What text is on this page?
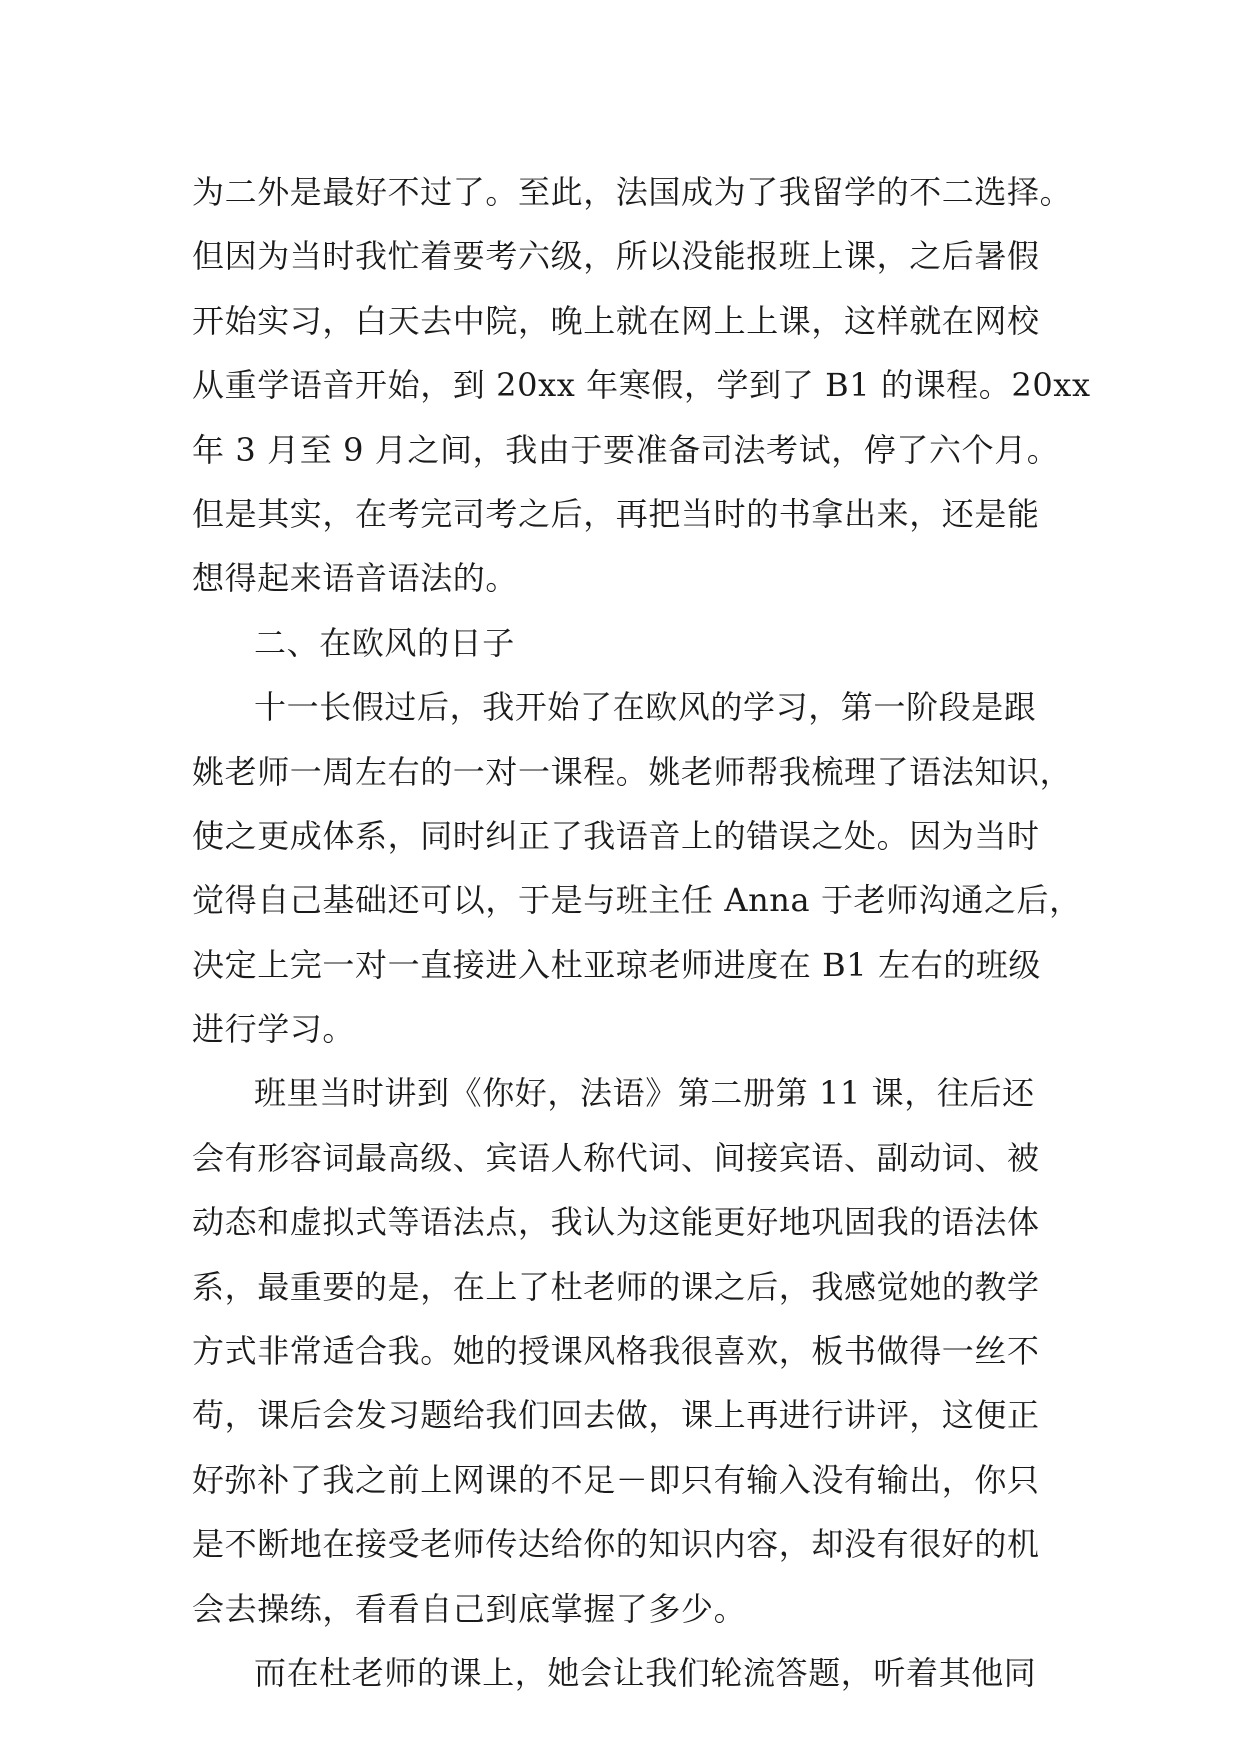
为二外是最好不过了。至此，法国成为了我留学的不二选择。
但因为当时我忙着要考六级，所以没能报班上课，之后暑假
开始实习，白天去中院，晚上就在网上上课，这样就在网校
从重学语音开始，到 20xx 年寒假，学到了 B1 的课程。20xx
年 3 月至 9 月之间，我由于要准备司法考试，停了六个月。
但是其实，在考完司考之后，再把当时的书拿出来，还是能
想得起来语音语法的。
二、在欧风的日子
十一长假过后，我开始了在欧风的学习，第一阶段是跟
姚老师一周左右的一对一课程。姚老师帮我梳理了语法知识，
使之更成体系，同时纠正了我语音上的错误之处。因为当时
觉得自己基础还可以，于是与班主任 Anna 于老师沟通之后，
决定上完一对一直接进入杜亚琼老师进度在 B1 左右的班级
进行学习。
班里当时讲到《你好，法语》第二册第 11 课，往后还
会有形容词最高级、宾语人称代词、间接宾语、副动词、被
动态和虚拟式等语法点，我认为这能更好地巩固我的语法体
系，最重要的是，在上了杜老师的课之后，我感觉她的教学
方式非常适合我。她的授课风格我很喜欢，板书做得一丝不
苟，课后会发习题给我们回去做，课上再进行讲评，这便正
好弥补了我之前上网课的不足－即只有输入没有输出，你只
是不断地在接受老师传达给你的知识内容，却没有很好的机
会去操练，看看自己到底掌握了多少。
而在杜老师的课上，她会让我们轮流答题，听着其他同
